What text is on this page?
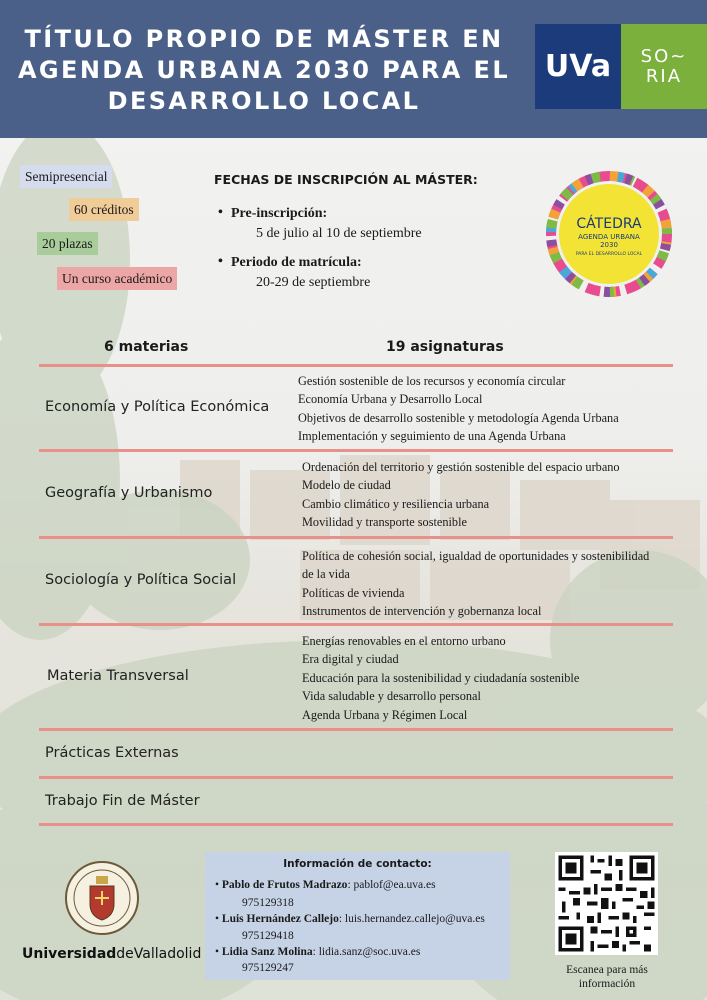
TÍTULO PROPIO DE MÁSTER EN
AGENDA URBANA 2030 PARA EL
DESARROLLO LOCAL
UVa SO~
RIA
Semipresencial
60 créditos
20 plazas
Un curso académico
FECHAS DE INSCRIPCIÓN AL MÁSTER:
• Pre-inscripción:
5 de julio al 10 de septiembre
• Periodo de matrícula:
20-29 de septiembre
CÁTEDRA
AGENDA URBANA
2030
PARA EL DESARROLLO LOCAL
6 materias	19 asignaturas
Economía y Política Económica
Gestión sostenible de los recursos y economía circular
Economía Urbana y Desarrollo Local
Objetivos de desarrollo sostenible y metodología Agenda Urbana
Implementación y seguimiento de una Agenda Urbana
Geografía y Urbanismo
Ordenación del territorio y gestión sostenible del espacio urbano
Modelo de ciudad
Cambio climático y resiliencia urbana
Movilidad y transporte sostenible
Sociología y Política Social
Política de cohesión social, igualdad de oportunidades y sostenibilidad
de la vida
Políticas de vivienda
Instrumentos de intervención y gobernanza local
Materia Transversal
Energías renovables en el entorno urbano
Era digital y ciudad
Educación para la sostenibilidad y ciudadanía sostenible
Vida saludable y desarrollo personal
Agenda Urbana y Régimen Local
Prácticas Externas
Trabajo Fin de Máster
UniversidaddeValladolid
Información de contacto:
• Pablo de Frutos Madrazo: pablof@ea.uva.es
975129318
• Luis Hernández Callejo: luis.hernandez.callejo@uva.es
975129418
• Lidia Sanz Molina: lidia.sanz@soc.uva.es
975129247	Escanea para más
información
